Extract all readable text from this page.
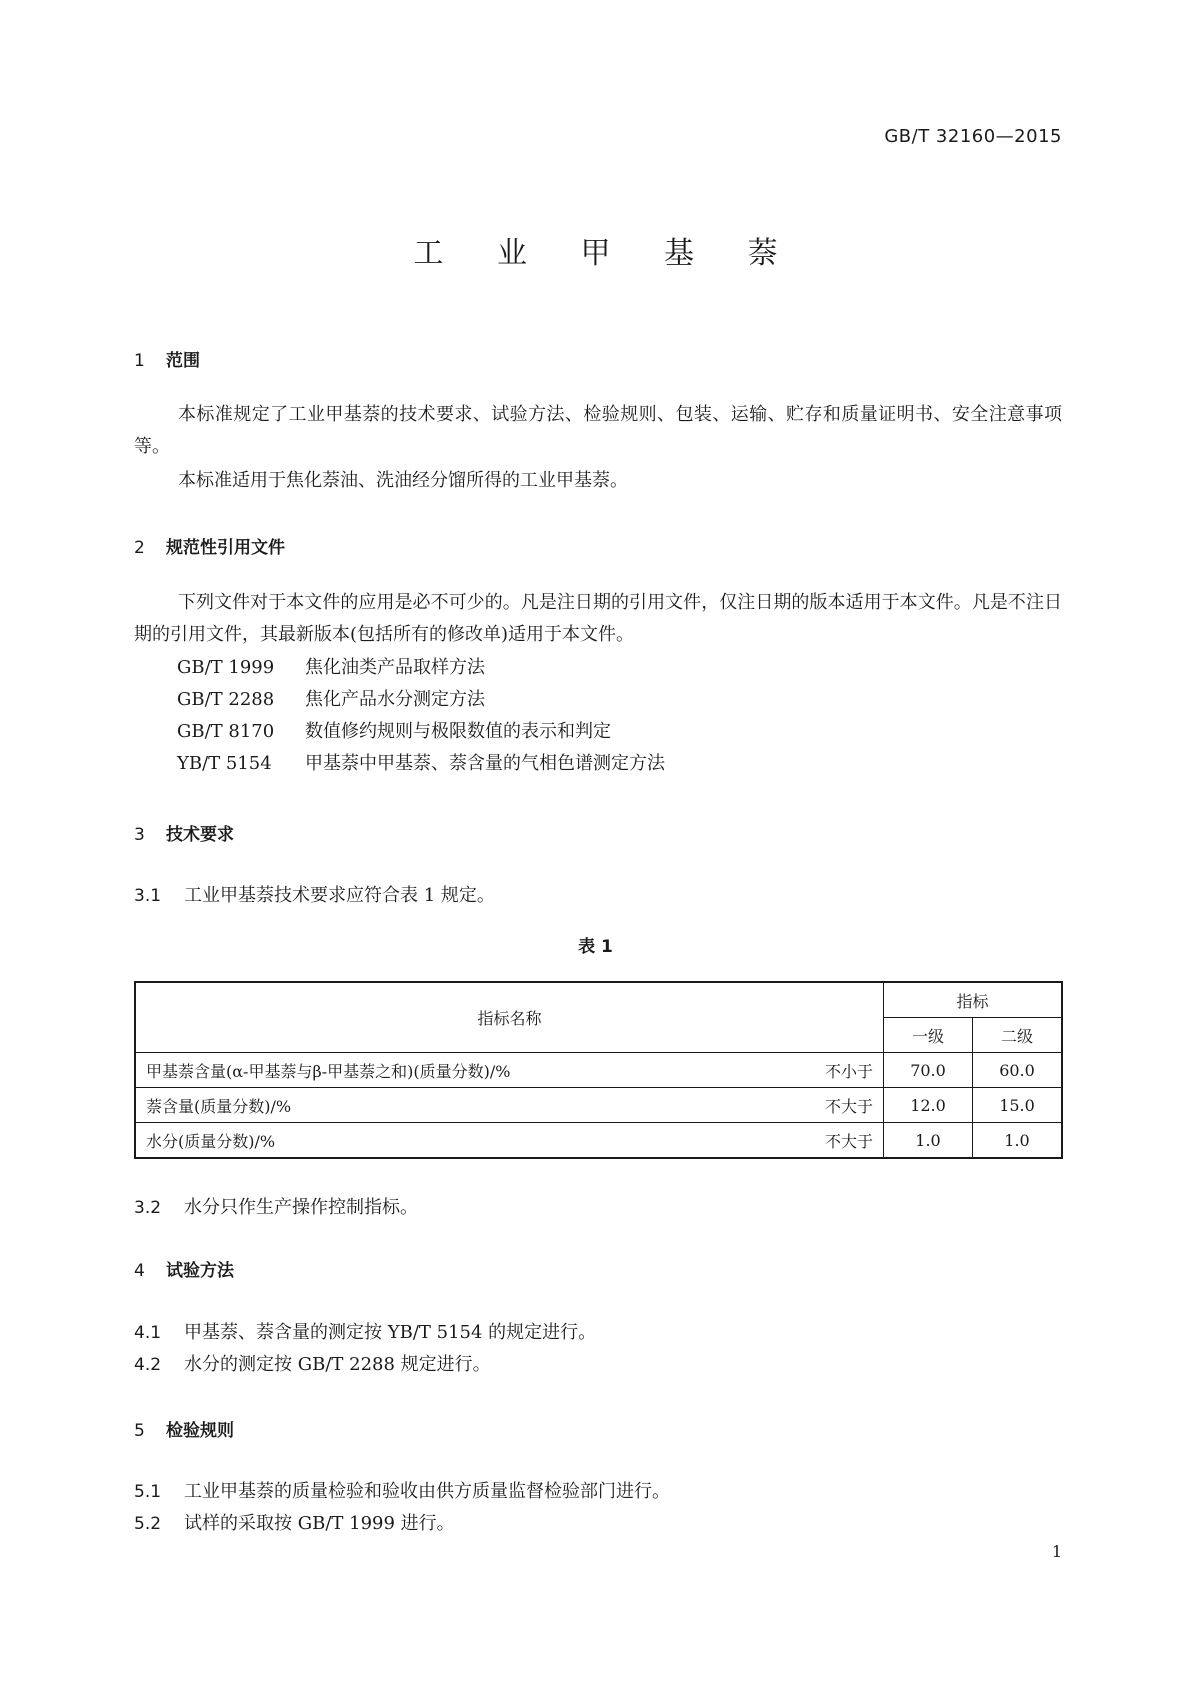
GB/T 32160—2015
工 业 甲 基 萘
1 范围

本标准规定了工业甲基萘的技术要求、试验方法、检验规则、包装、运输、贮存和质量证明书、安全注意事项等。

本标准适用于焦化萘油、洗油经分馏所得的工业甲基萘。

2 规范性引用文件

下列文件对于本文件的应用是必不可少的。凡是注日期的引用文件，仅注日期的版本适用于本文件。凡是不注日期的引用文件，其最新版本(包括所有的修改单)适用于本文件。

GB/T 1999 焦化油类产品取样方法
GB/T 2288 焦化产品水分测定方法
GB/T 8170 数值修约规则与极限数值的表示和判定
YB/T 5154 甲基萘中甲基萘、萘含量的气相色谱测定方法
3 技术要求
3.1 工业甲基萘技术要求应符合表 1 规定。
表 1
指标名称	指标	
	一级	二级
甲基萘含量(α-甲基萘与β-甲基萘之和)(质量分数)/% 不小于	70.0	60.0
萘含量(质量分数)/% 不大于	12.0	15.0
水分(质量分数)/% 不大于	1.0	1.0
3.2 水分只作生产操作控制指标。
4 试验方法
4.1 甲基萘、萘含量的测定按 YB/T 5154 的规定进行。
4.2 水分的测定按 GB/T 2288 规定进行。
5 检验规则
5.1 工业甲基萘的质量检验和验收由供方质量监督检验部门进行。
5.2 试样的采取按 GB/T 1999 进行。
1
